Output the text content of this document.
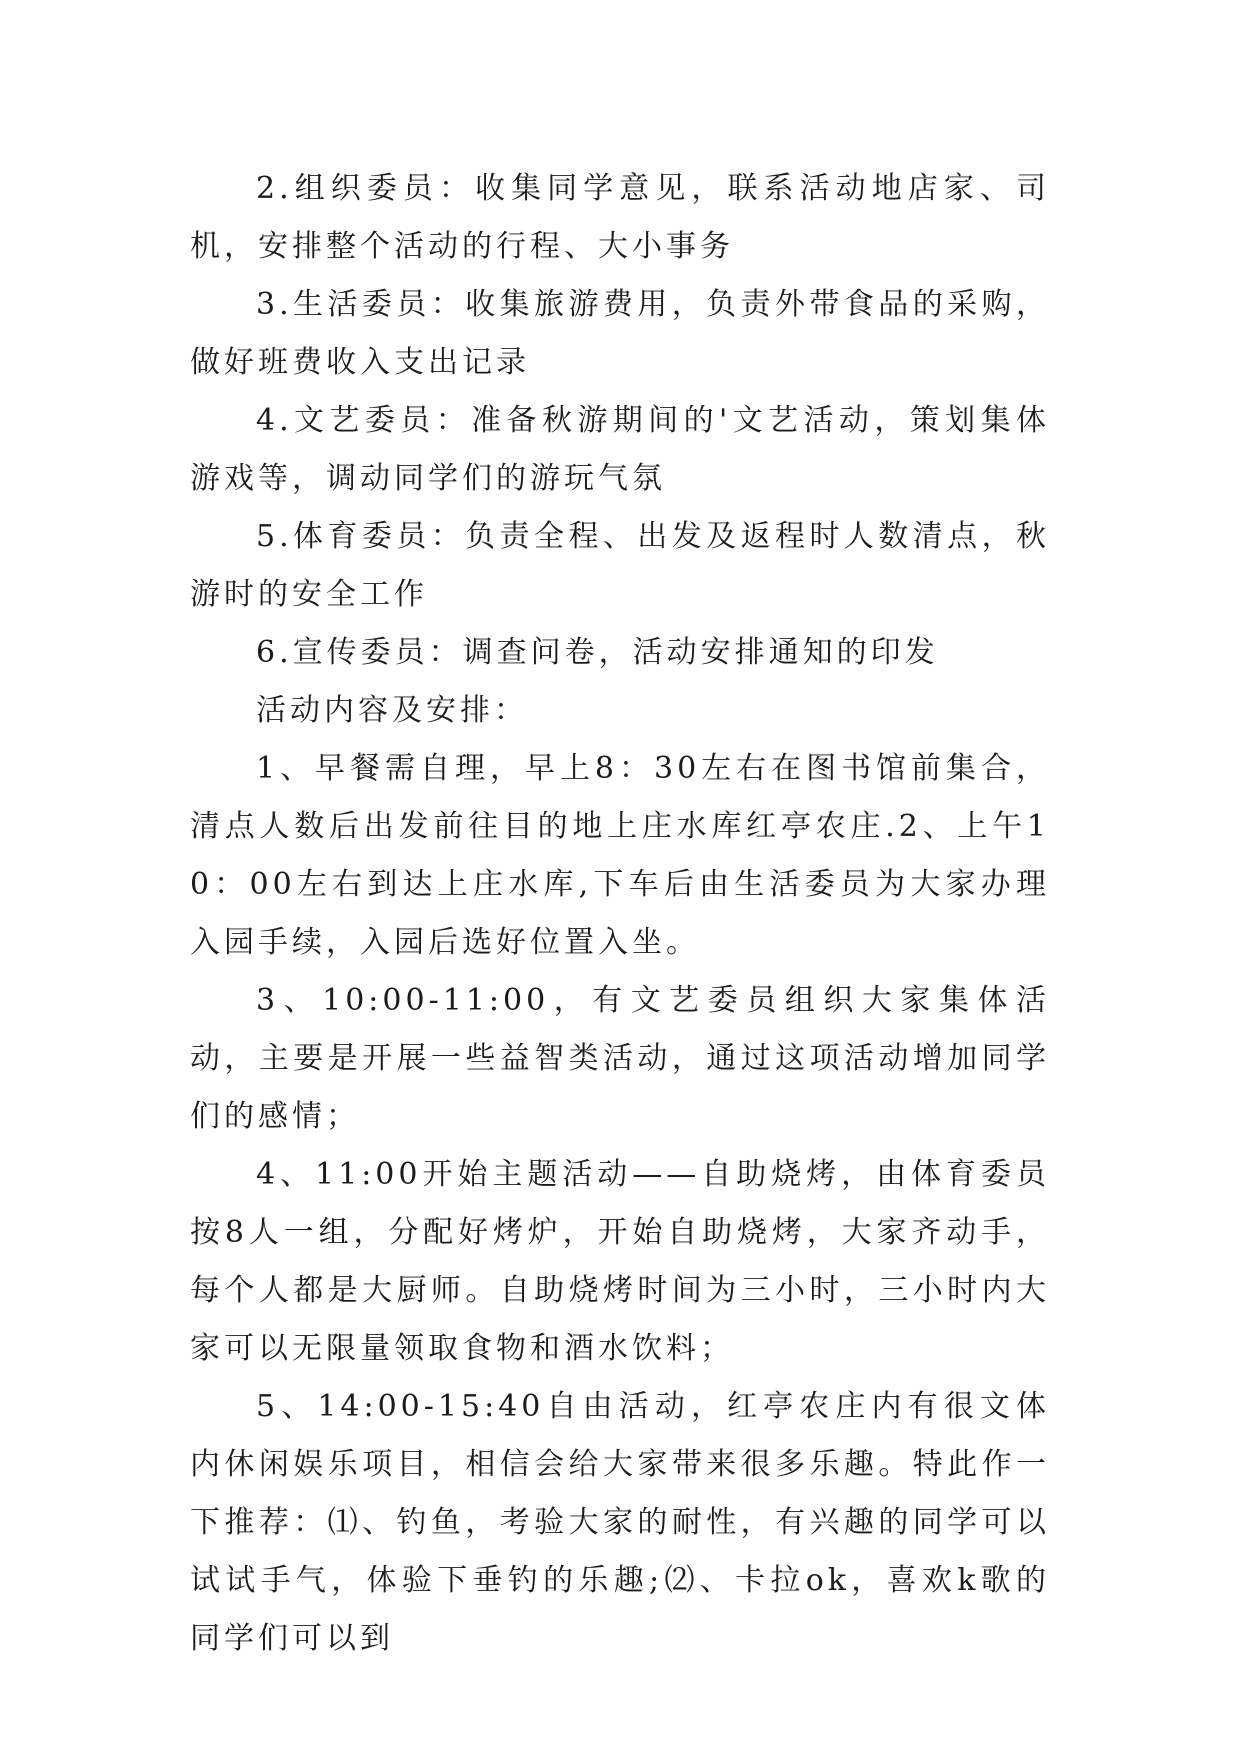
2.组织委员：收集同学意见，联系活动地店家、司机，安排整个活动的行程、大小事务

3.生活委员：收集旅游费用，负责外带食品的采购，做好班费收入支出记录

4.文艺委员：准备秋游期间的'文艺活动，策划集体游戏等，调动同学们的游玩气氛

5.体育委员：负责全程、出发及返程时人数清点，秋游时的安全工作

6.宣传委员：调查问卷，活动安排通知的印发

活动内容及安排：

1、早餐需自理，早上8：30左右在图书馆前集合，清点人数后出发前往目的地上庄水库红亭农庄.2、上午10：00左右到达上庄水库,下车后由生活委员为大家办理入园手续，入园后选好位置入坐。

3、10:00-11:00，有文艺委员组织大家集体活动，主要是开展一些益智类活动，通过这项活动增加同学们的感情；

4、11:00开始主题活动——自助烧烤，由体育委员按8人一组，分配好烤炉，开始自助烧烤，大家齐动手，每个人都是大厨师。自助烧烤时间为三小时，三小时内大家可以无限量领取食物和酒水饮料；

5、14:00-15:40自由活动，红亭农庄内有很文体内休闲娱乐项目，相信会给大家带来很多乐趣。特此作一下推荐：⑴、钓鱼，考验大家的耐性，有兴趣的同学可以试试手气，体验下垂钓的乐趣;⑵、卡拉ok，喜欢k歌的同学们可以到
